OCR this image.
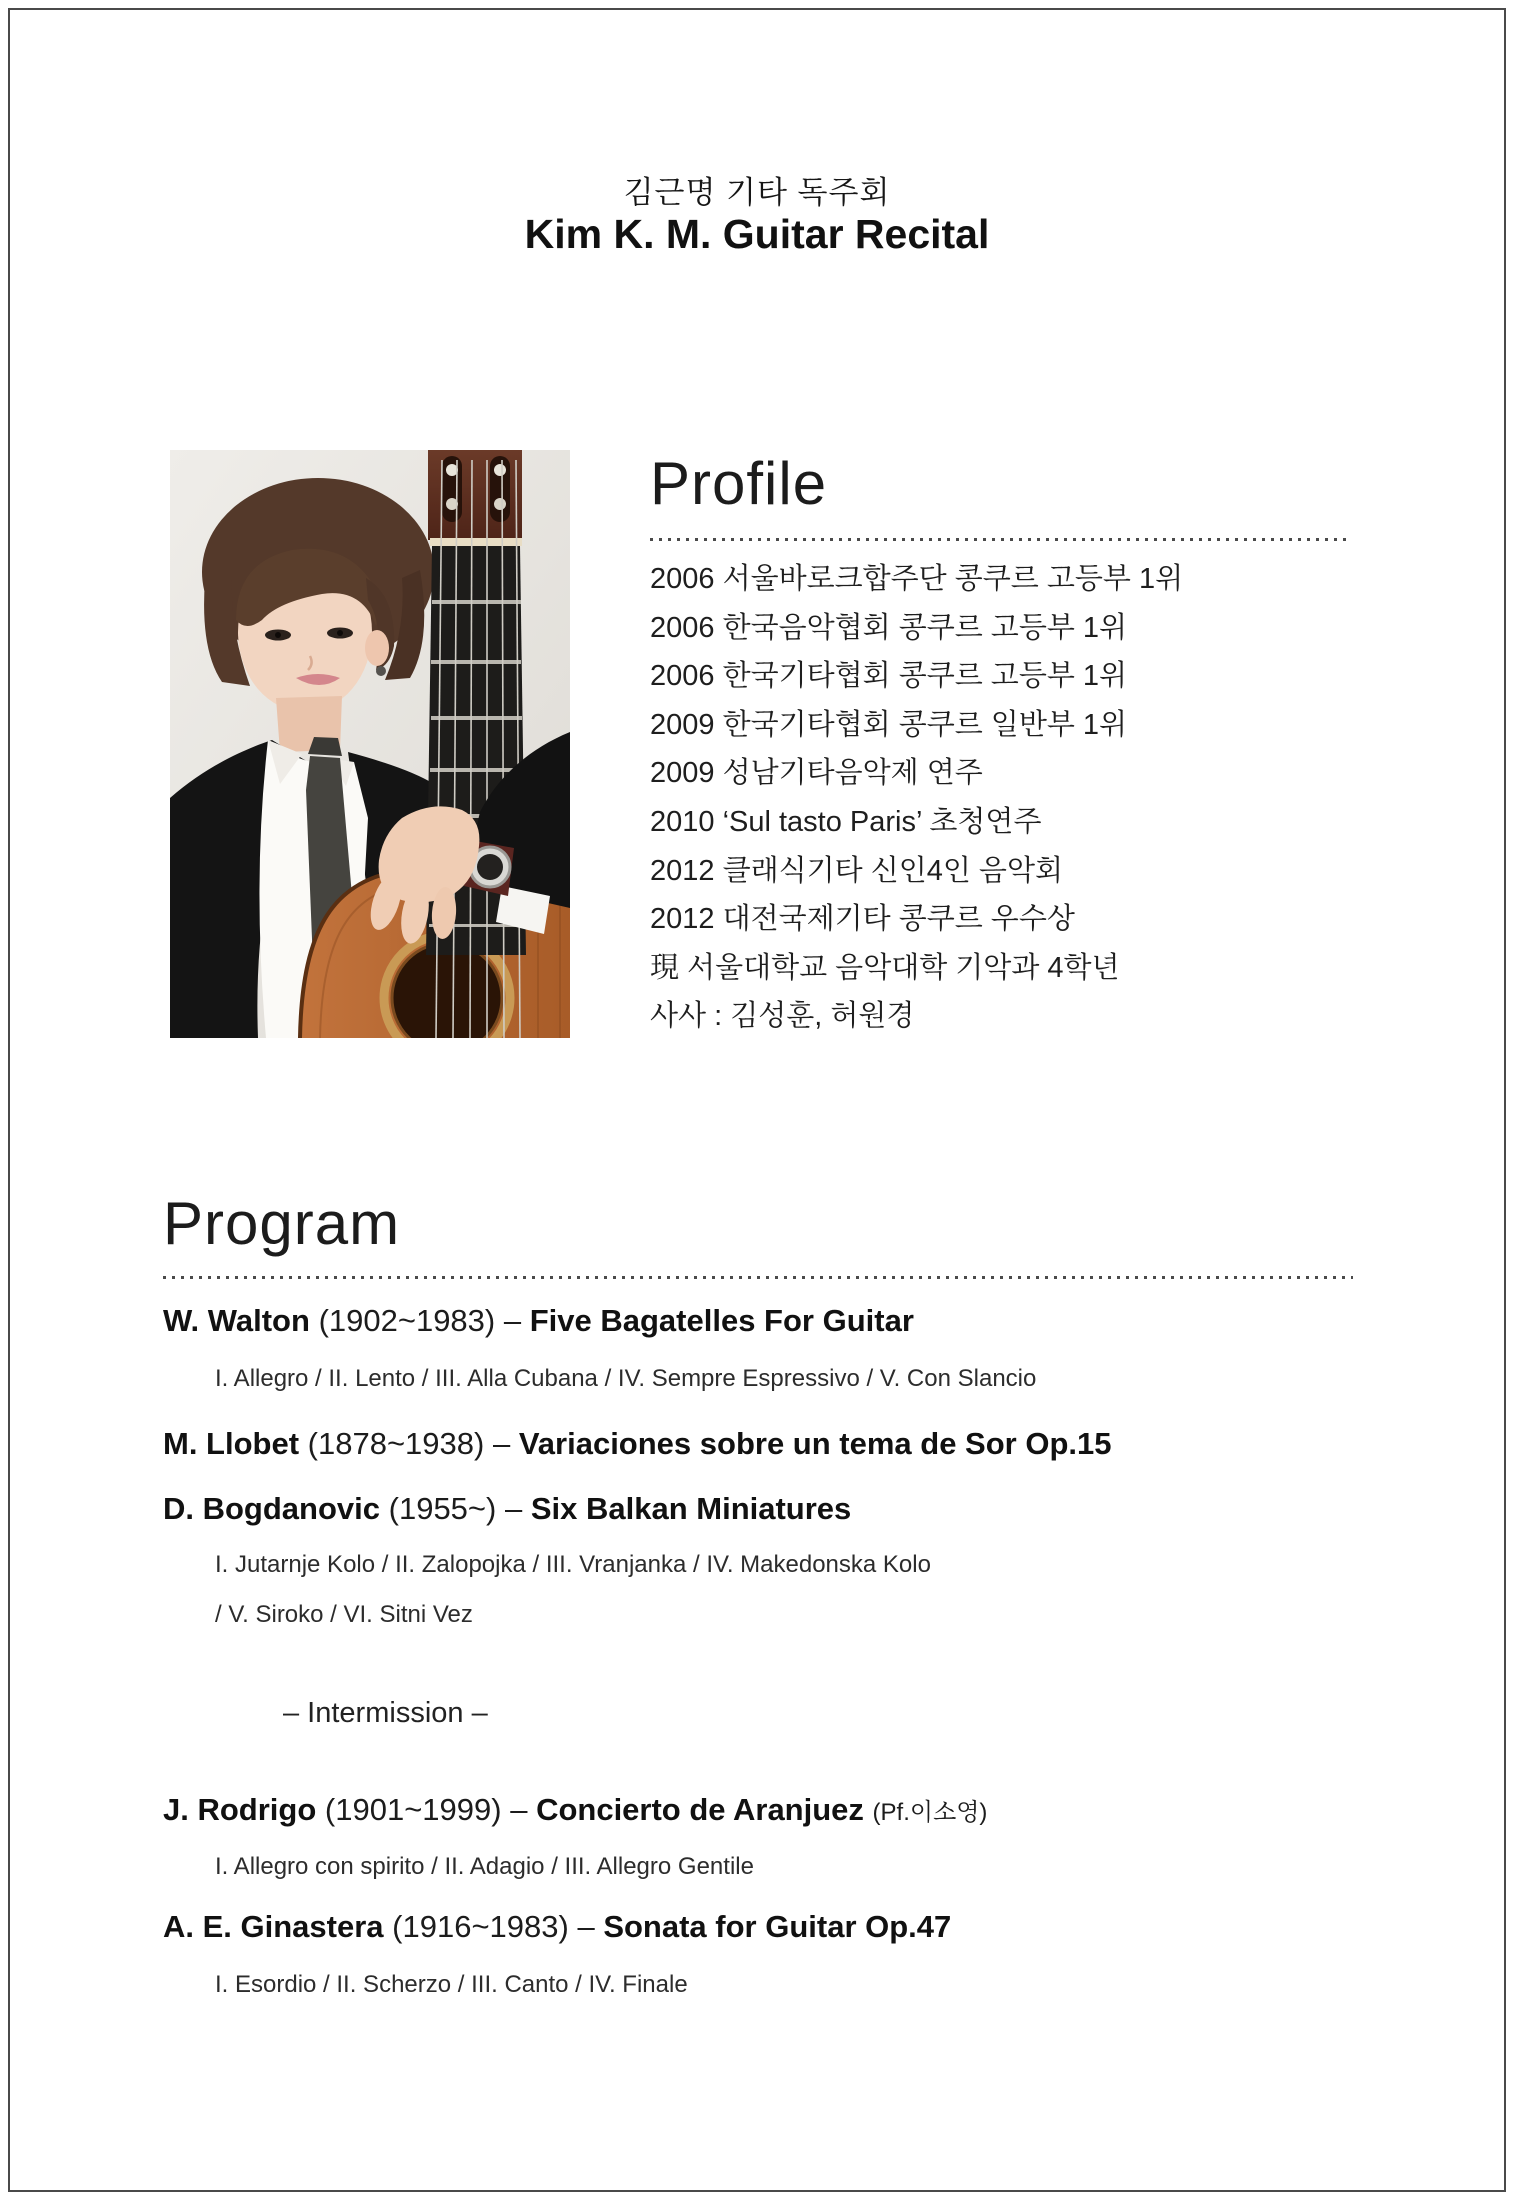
김근명 기타 독주회
Kim K. M. Guitar Recital
Profile
2006 서울바로크합주단 콩쿠르 고등부 1위
2006 한국음악협회 콩쿠르 고등부 1위
2006 한국기타협회 콩쿠르 고등부 1위
2009 한국기타협회 콩쿠르 일반부 1위
2009 성남기타음악제 연주
2010 ‘Sul tasto Paris’ 초청연주
2012 클래식기타 신인4인 음악회
2012 대전국제기타 콩쿠르 우수상
現 서울대학교 음악대학 기악과 4학년
사사 : 김성훈, 허원경
Program
W. Walton (1902~1983) – Five Bagatelles For Guitar
I. Allegro / II. Lento / III. Alla Cubana / IV. Sempre Espressivo / V. Con Slancio
M. Llobet (1878~1938) – Variaciones sobre un tema de Sor Op.15
D. Bogdanovic (1955~) – Six Balkan Miniatures
I. Jutarnje Kolo / II. Zalopojka / III. Vranjanka / IV. Makedonska Kolo
/ V. Siroko / VI. Sitni Vez
– Intermission –
J. Rodrigo (1901~1999) – Concierto de Aranjuez (Pf.이소영)
I. Allegro con spirito / II. Adagio / III. Allegro Gentile
A. E. Ginastera (1916~1983) – Sonata for Guitar Op.47
I. Esordio / II. Scherzo / III. Canto / IV. Finale
